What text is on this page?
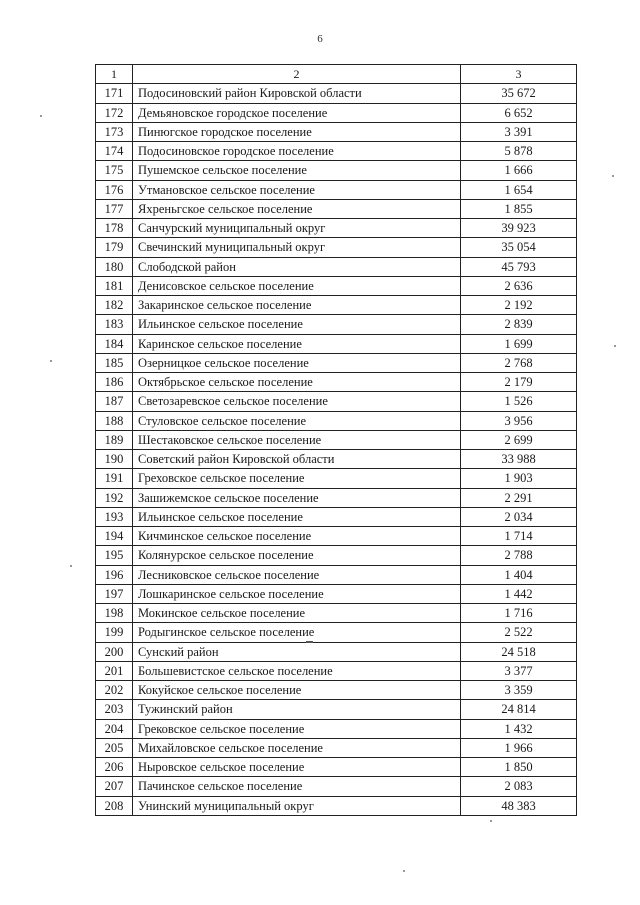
6
1	2	3
171	Подосиновский район Кировской области	35 672
172	Демьяновское городское поселение	6 652
173	Пинюгское городское поселение	3 391
174	Подосиновское городское поселение	5 878
175	Пушемское сельское поселение	1 666
176	Утмановское сельское поселение	1 654
177	Яхреньгское сельское поселение	1 855
178	Санчурский муниципальный округ	39 923
179	Свечинский муниципальный округ	35 054
180	Слободской район	45 793
181	Денисовское сельское поселение	2 636
182	Закаринское сельское поселение	2 192
183	Ильинское сельское поселение	2 839
184	Каринское сельское поселение	1 699
185	Озерницкое сельское поселение	2 768
186	Октябрьское сельское поселение	2 179
187	Светозаревское сельское поселение	1 526
188	Стуловское сельское поселение	3 956
189	Шестаковское сельское поселение	2 699
190	Советский район Кировской области	33 988
191	Греховское сельское поселение	1 903
192	Зашижемское сельское поселение	2 291
193	Ильинское сельское поселение	2 034
194	Кичминское сельское поселение	1 714
195	Колянурское сельское поселение	2 788
196	Лесниковское сельское поселение	1 404
197	Лошкаринское сельское поселение	1 442
198	Мокинское сельское поселение	1 716
199	Родыгинское сельское поселение	2 522
200	Сунский район	24 518
201	Большевистское сельское поселение	3 377
202	Кокуйское сельское поселение	3 359
203	Тужинский район	24 814
204	Грековское сельское поселение	1 432
205	Михайловское сельское поселение	1 966
206	Ныровское сельское поселение	1 850
207	Пачинское сельское поселение	2 083
208	Унинский муниципальный округ	48 383
